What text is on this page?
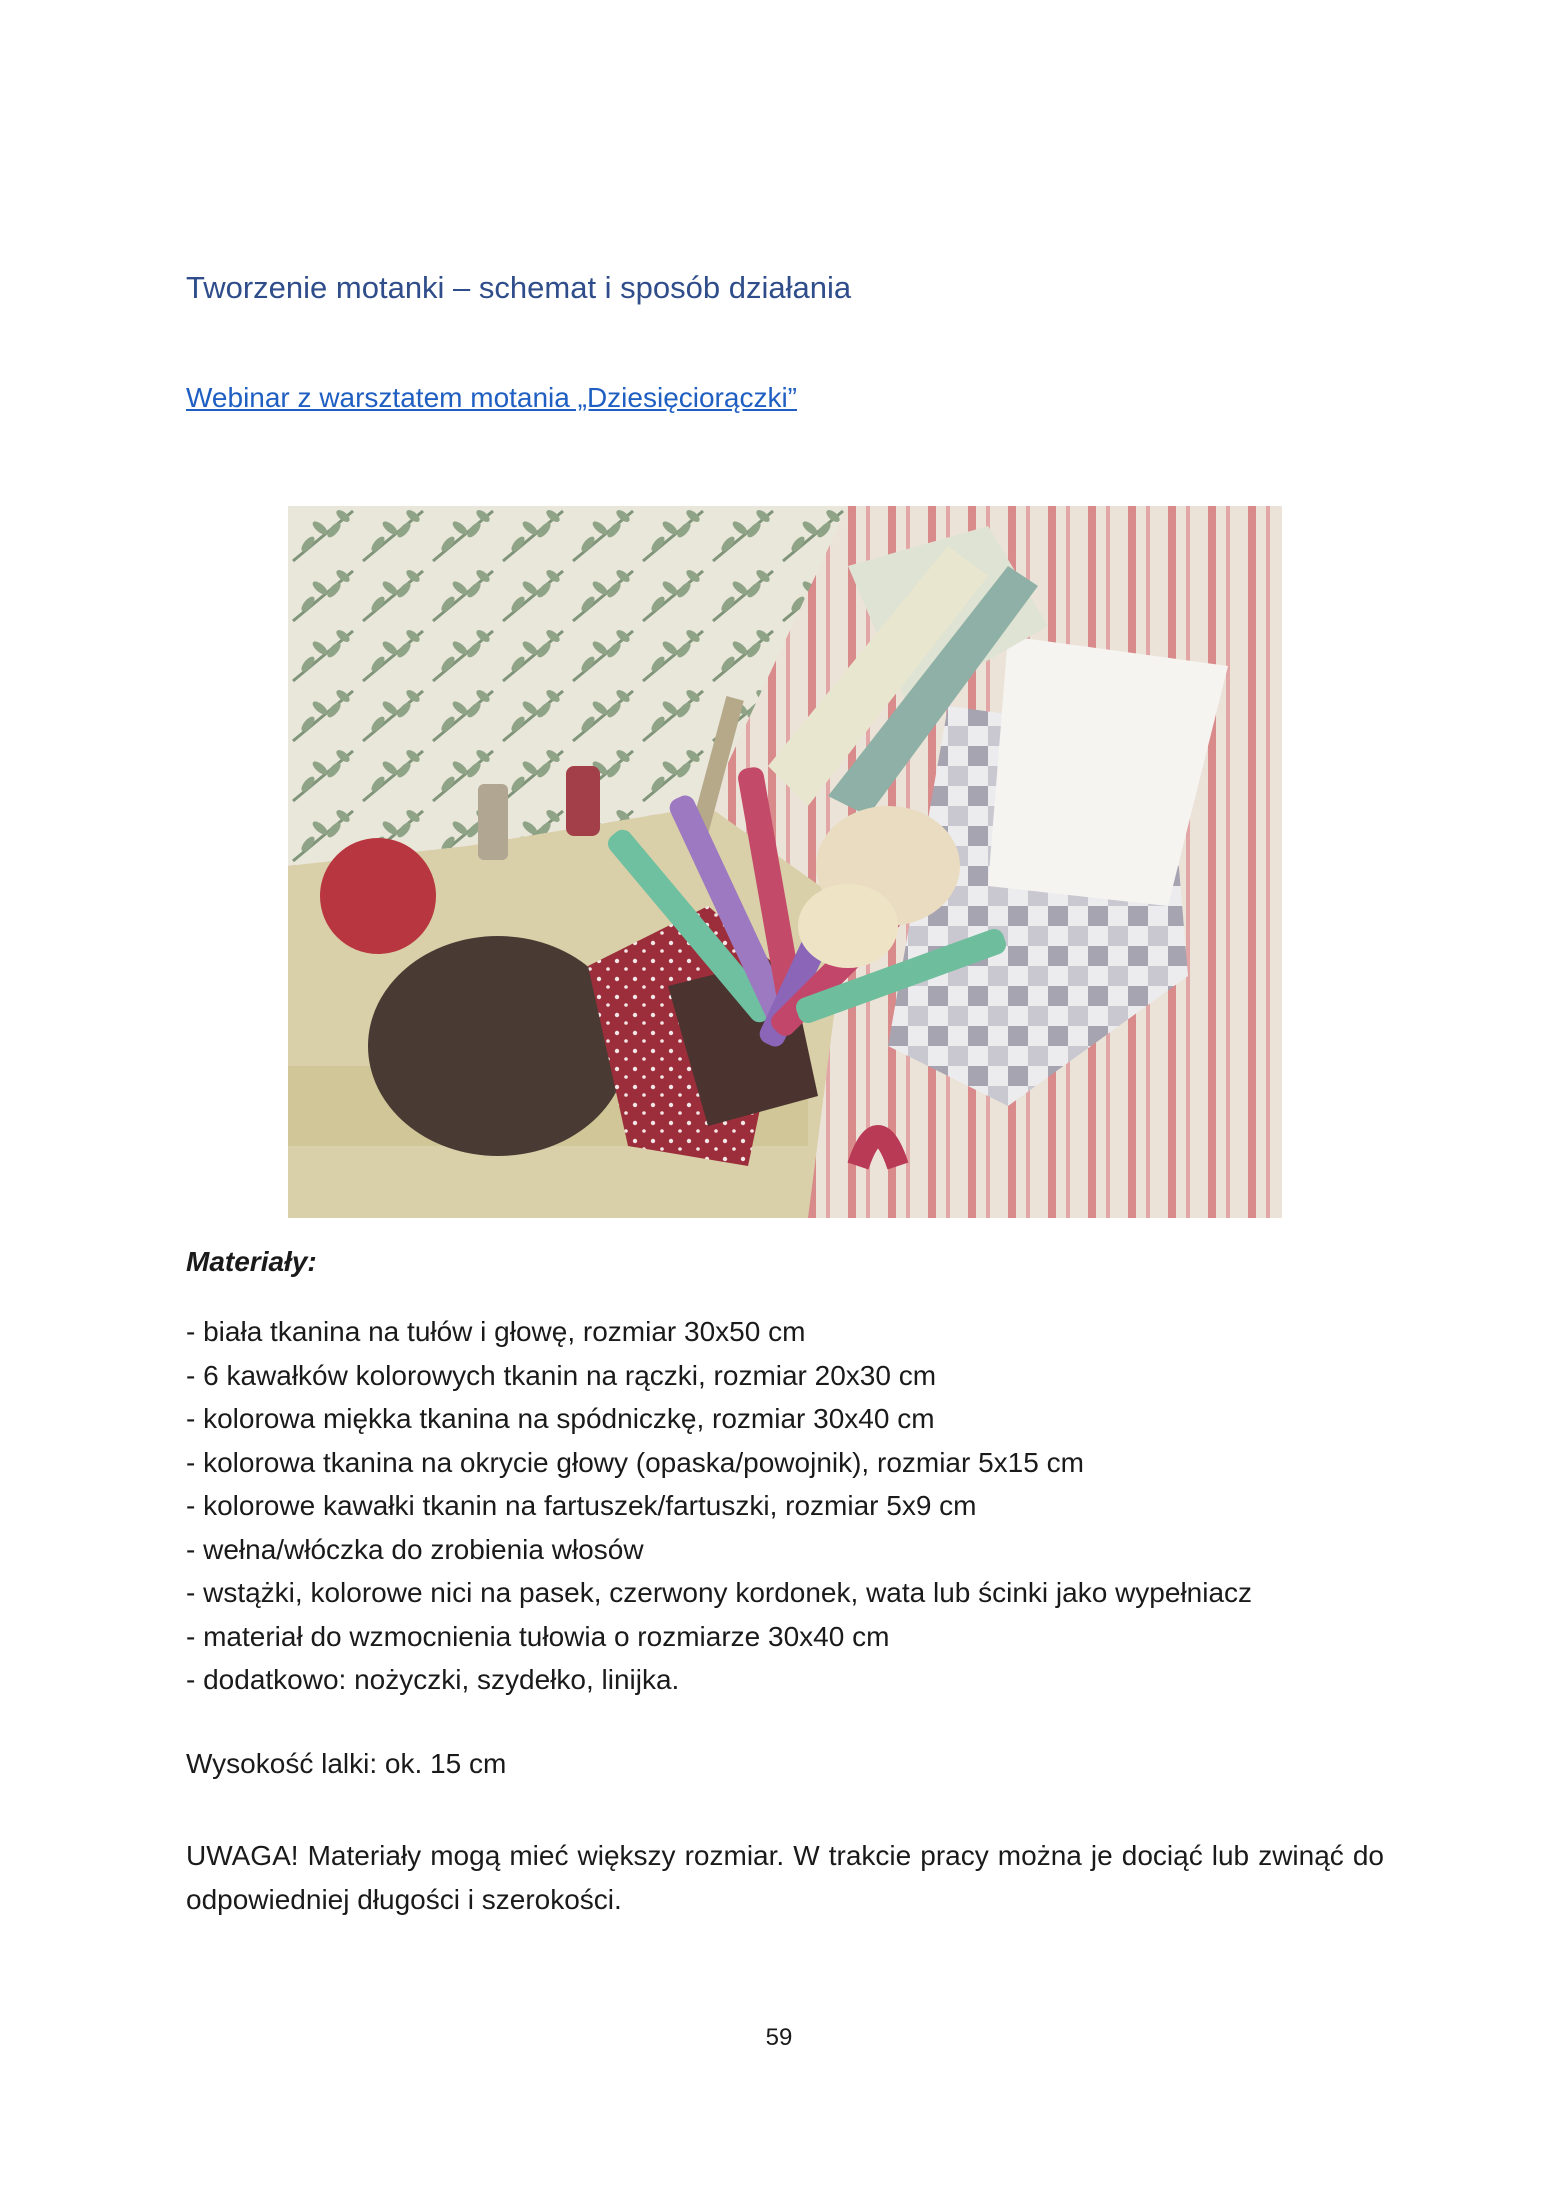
Tworzenie motanki – schemat i sposób działania
Webinar z warsztatem motania „Dziesięciorączki”
Materiały:
- biała tkanina na tułów i głowę, rozmiar 30x50 cm
- 6 kawałków kolorowych tkanin na rączki, rozmiar 20x30 cm
- kolorowa miękka tkanina na spódniczkę, rozmiar 30x40 cm
- kolorowa tkanina na okrycie głowy (opaska/powojnik), rozmiar 5x15 cm
- kolorowe kawałki tkanin na fartuszek/fartuszki, rozmiar 5x9 cm
- wełna/włóczka do zrobienia włosów
- wstążki, kolorowe nici na pasek, czerwony kordonek, wata lub ścinki jako wypełniacz
- materiał do wzmocnienia tułowia o rozmiarze 30x40 cm
- dodatkowo: nożyczki, szydełko, linijka.
Wysokość lalki: ok. 15 cm

UWAGA! Materiały mogą mieć większy rozmiar. W trakcie pracy można je dociąć lub zwinąć do odpowiedniej długości i szerokości.

59
